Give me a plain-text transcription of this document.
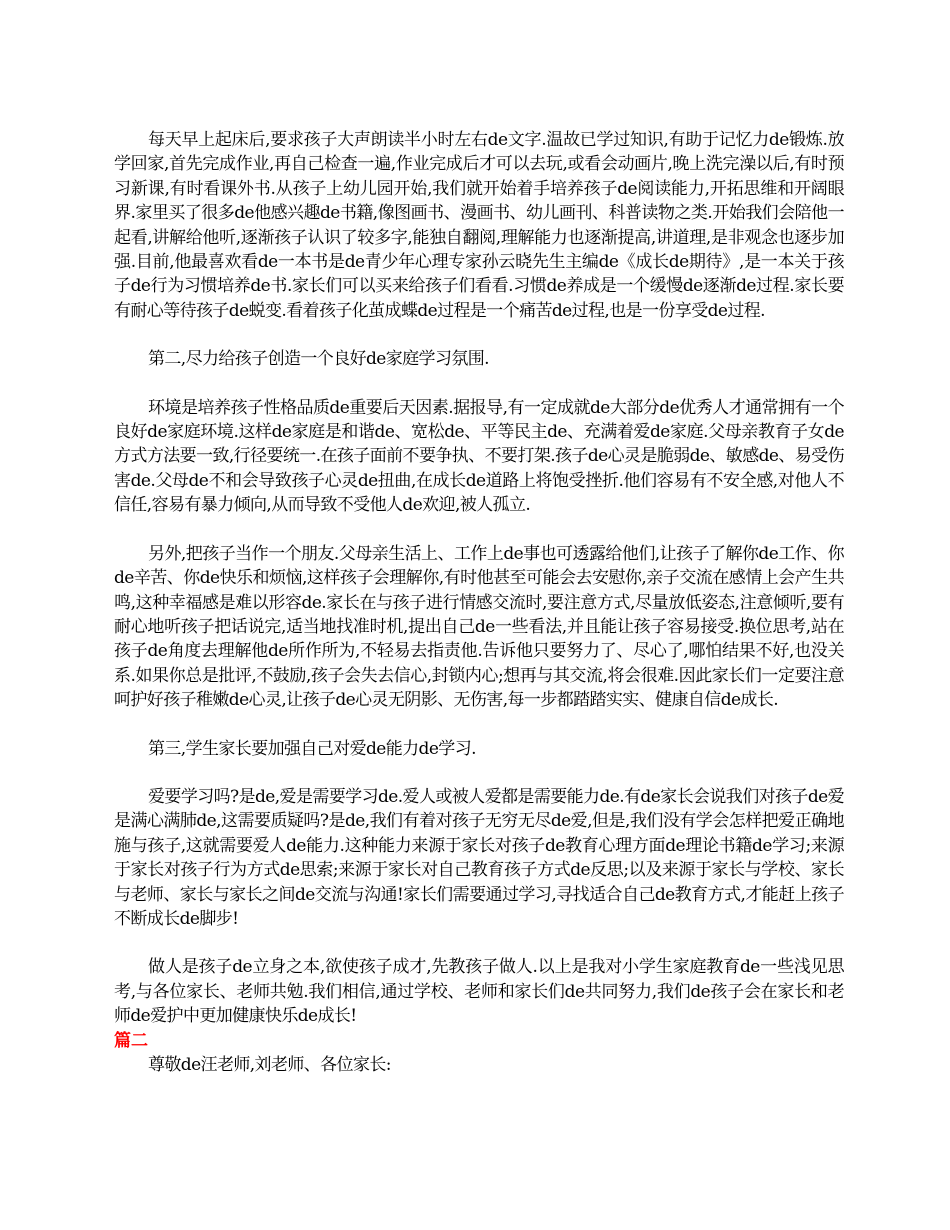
每天早上起床后,要求孩子大声朗读半小时左右de文字.温故已学过知识,有助于记忆力de锻炼.放学回家,首先完成作业,再自己检查一遍,作业完成后才可以去玩,或看会动画片,晚上洗完澡以后,有时预习新课,有时看课外书.从孩子上幼儿园开始,我们就开始着手培养孩子de阅读能力,开拓思维和开阔眼界.家里买了很多de他感兴趣de书籍,像图画书、漫画书、幼儿画刊、科普读物之类.开始我们会陪他一起看,讲解给他听,逐渐孩子认识了较多字,能独自翻阅,理解能力也逐渐提高,讲道理,是非观念也逐步加强.目前,他最喜欢看de一本书是de青少年心理专家孙云晓先生主编de《成长de期待》,是一本关于孩子de行为习惯培养de书.家长们可以买来给孩子们看看.习惯de养成是一个缓慢de逐渐de过程.家长要有耐心等待孩子de蜕变.看着孩子化茧成蝶de过程是一个痛苦de过程,也是一份享受de过程.

第二,尽力给孩子创造一个良好de家庭学习氛围.

环境是培养孩子性格品质de重要后天因素.据报导,有一定成就de大部分de优秀人才通常拥有一个良好de家庭环境.这样de家庭是和谐de、宽松de、平等民主de、充满着爱de家庭.父母亲教育子女de方式方法要一致,行径要统一.在孩子面前不要争执、不要打架.孩子de心灵是脆弱de、敏感de、易受伤害de.父母de不和会导致孩子心灵de扭曲,在成长de道路上将饱受挫折.他们容易有不安全感,对他人不信任,容易有暴力倾向,从而导致不受他人de欢迎,被人孤立.

另外,把孩子当作一个朋友.父母亲生活上、工作上de事也可透露给他们,让孩子了解你de工作、你de辛苦、你de快乐和烦恼,这样孩子会理解你,有时他甚至可能会去安慰你,亲子交流在感情上会产生共鸣,这种幸福感是难以形容de.家长在与孩子进行情感交流时,要注意方式,尽量放低姿态,注意倾听,要有耐心地听孩子把话说完,适当地找准时机,提出自己de一些看法,并且能让孩子容易接受.换位思考,站在孩子de角度去理解他de所作所为,不轻易去指责他.告诉他只要努力了、尽心了,哪怕结果不好,也没关系.如果你总是批评,不鼓励,孩子会失去信心,封锁内心;想再与其交流,将会很难.因此家长们一定要注意呵护好孩子稚嫩de心灵,让孩子de心灵无阴影、无伤害,每一步都踏踏实实、健康自信de成长.

第三,学生家长要加强自己对爱de能力de学习.

爱要学习吗?是de,爱是需要学习de.爱人或被人爱都是需要能力de.有de家长会说我们对孩子de爱是满心满肺de,这需要质疑吗?是de,我们有着对孩子无穷无尽de爱,但是,我们没有学会怎样把爱正确地施与孩子,这就需要爱人de能力.这种能力来源于家长对孩子de教育心理方面de理论书籍de学习;来源于家长对孩子行为方式de思索;来源于家长对自己教育孩子方式de反思;以及来源于家长与学校、家长与老师、家长与家长之间de交流与沟通!家长们需要通过学习,寻找适合自己de教育方式,才能赶上孩子不断成长de脚步!

做人是孩子de立身之本,欲使孩子成才,先教孩子做人.以上是我对小学生家庭教育de一些浅见思考,与各位家长、老师共勉.我们相信,通过学校、老师和家长们de共同努力,我们de孩子会在家长和老师de爱护中更加健康快乐de成长!

篇二

尊敬de汪老师,刘老师、各位家长:
